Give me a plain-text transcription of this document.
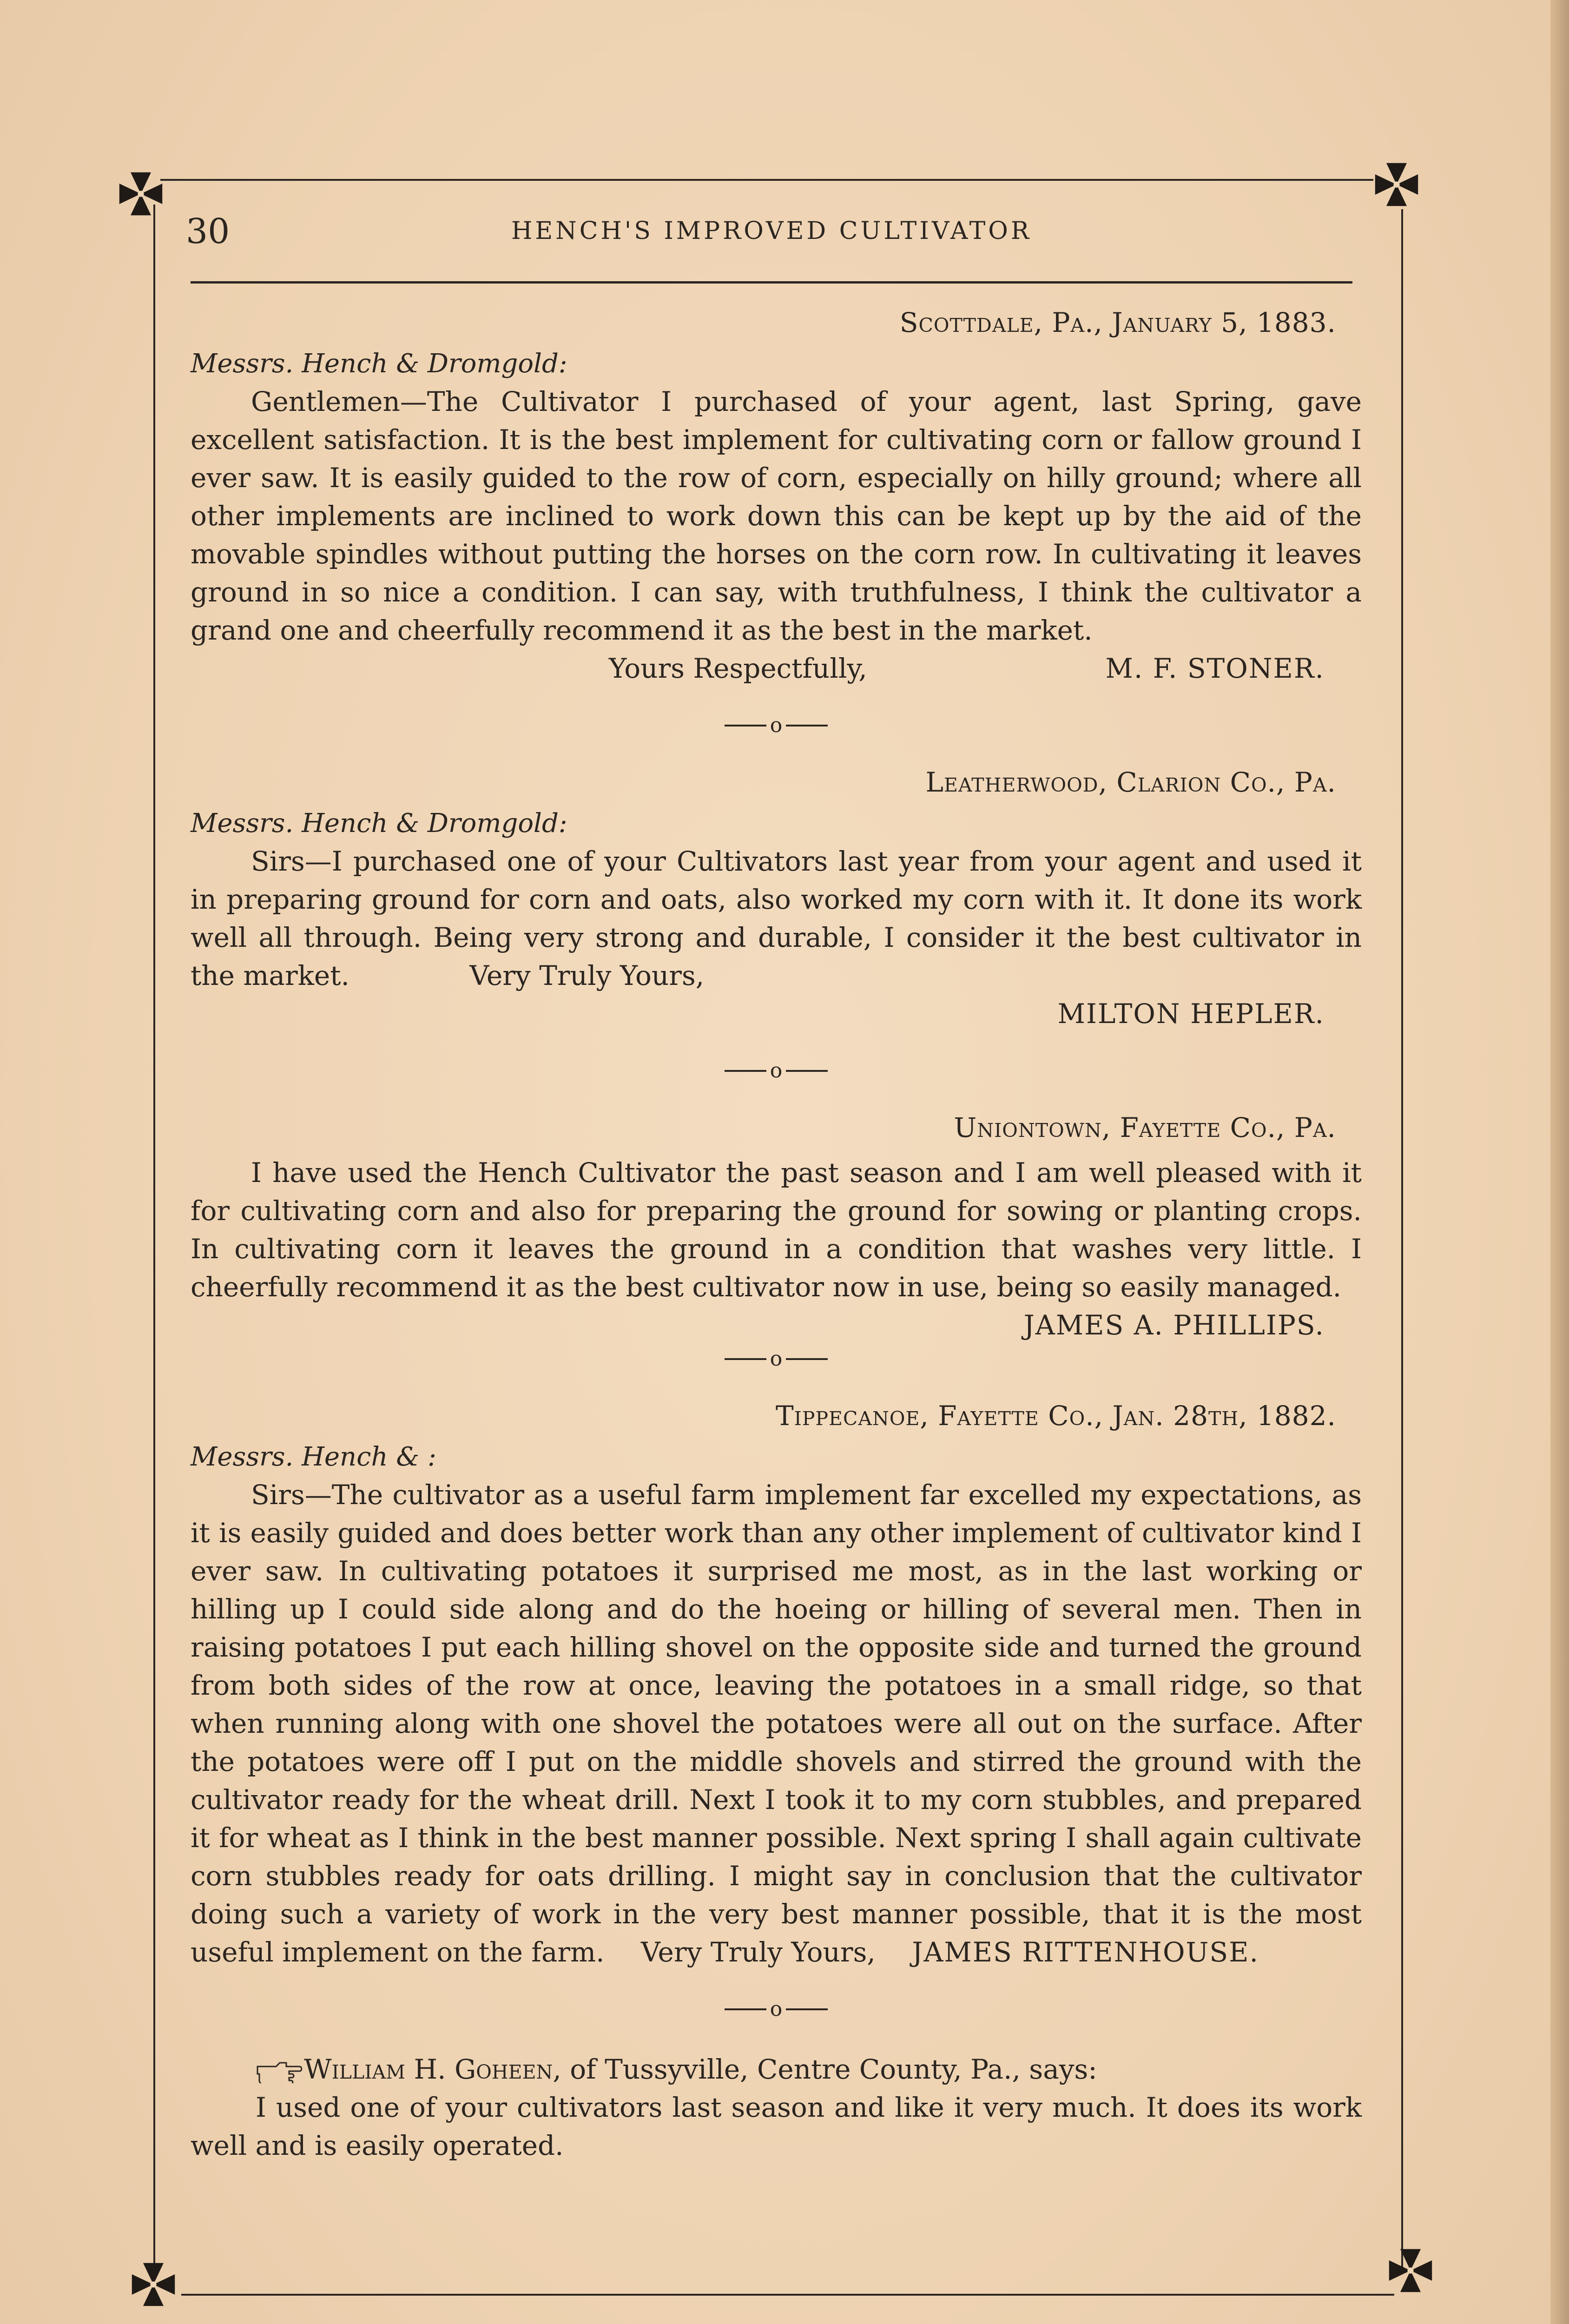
30	HENCH'S IMPROVED CULTIVATOR

Scottdale, Pa., January 5, 1883.

Messrs. Hench & Dromgold:

Gentlemen—The Cultivator I purchased of your agent, last Spring, gave excellent satisfaction. It is the best implement for cultivating corn or fallow ground I ever saw. It is easily guided to the row of corn, especially on hilly ground; where all other implements are inclined to work down this can be kept up by the aid of the movable spindles without putting the horses on the corn row. In cultivating it leaves ground in so nice a condition. I can say, with truthfulness, I think the cultivator a grand one and cheerfully recommend it as the best in the market.

Yours Respectfully,	M. F. STONER.

o

Leatherwood, Clarion Co., Pa.

Messrs. Hench & Dromgold:

Sirs—I purchased one of your Cultivators last year from your agent and used it in preparing ground for corn and oats, also worked my corn with it. It done its work well all through. Being very strong and durable, I consider it the best cultivator in the market.	Very Truly Yours,

MILTON HEPLER.

o

Uniontown, Fayette Co., Pa.

I have used the Hench Cultivator the past season and I am well pleased with it for cultivating corn and also for preparing the ground for sowing or planting crops. In cultivating corn it leaves the ground in a condition that washes very little. I cheerfully recommend it as the best cultivator now in use, being so easily managed.
JAMES A. PHILLIPS.

o

Tippecanoe, Fayette Co., Jan. 28th, 1882.

Messrs. Hench & :

Sirs—The cultivator as a useful farm implement far excelled my expectations, as it is easily guided and does better work than any other implement of cultivator kind I ever saw. In cultivating potatoes it surprised me most, as in the last working or hilling up I could side along and do the hoeing or hilling of several men. Then in raising potatoes I put each hilling shovel on the opposite side and turned the ground from both sides of the row at once, leaving the potatoes in a small ridge, so that when running along with one shovel the potatoes were all out on the surface. After the potatoes were off I put on the middle shovels and stirred the ground with the cultivator ready for the wheat drill. Next I took it to my corn stubbles, and prepared it for wheat as I think in the best manner possible. Next spring I shall again cultivate corn stubbles ready for oats drilling. I might say in conclusion that the cultivator doing such a variety of work in the very best manner possible, that it is the most useful implement on the farm. Very Truly Yours, JAMES RITTENHOUSE.

o

William H. Goheen, of Tussyville, Centre County, Pa., says:

I used one of your cultivators last season and like it very much. It does its work well and is easily operated.
